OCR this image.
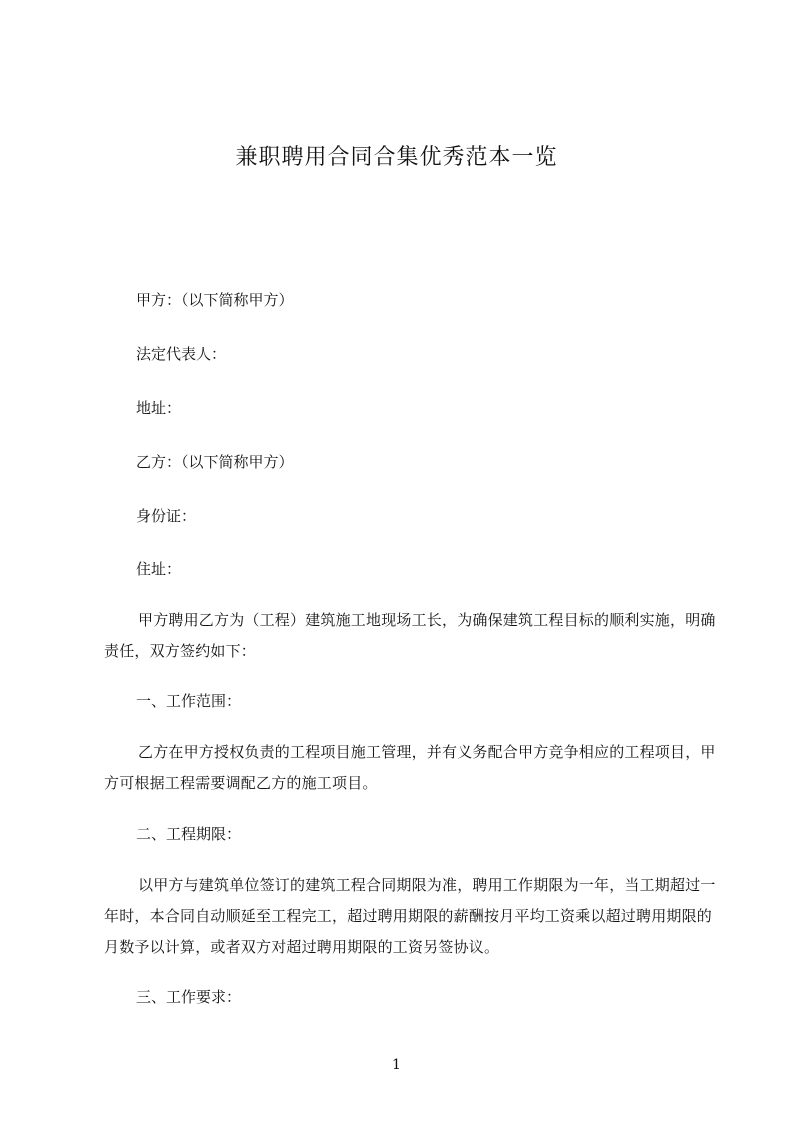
兼职聘用合同合集优秀范本一览
甲方：（以下简称甲方）
法定代表人：
地址：
乙方：（以下简称甲方）
身份证：
住址：
甲方聘用乙方为（工程）建筑施工地现场工长，为确保建筑工程目标的顺利实施，明确责任，双方签约如下：
一、工作范围：
乙方在甲方授权负责的工程项目施工管理，并有义务配合甲方竞争相应的工程项目，甲方可根据工程需要调配乙方的施工项目。
二、工程期限：
以甲方与建筑单位签订的建筑工程合同期限为准，聘用工作期限为一年，当工期超过一年时，本合同自动顺延至工程完工，超过聘用期限的薪酬按月平均工资乘以超过聘用期限的月数予以计算，或者双方对超过聘用期限的工资另签协议。
三、工作要求：
1
